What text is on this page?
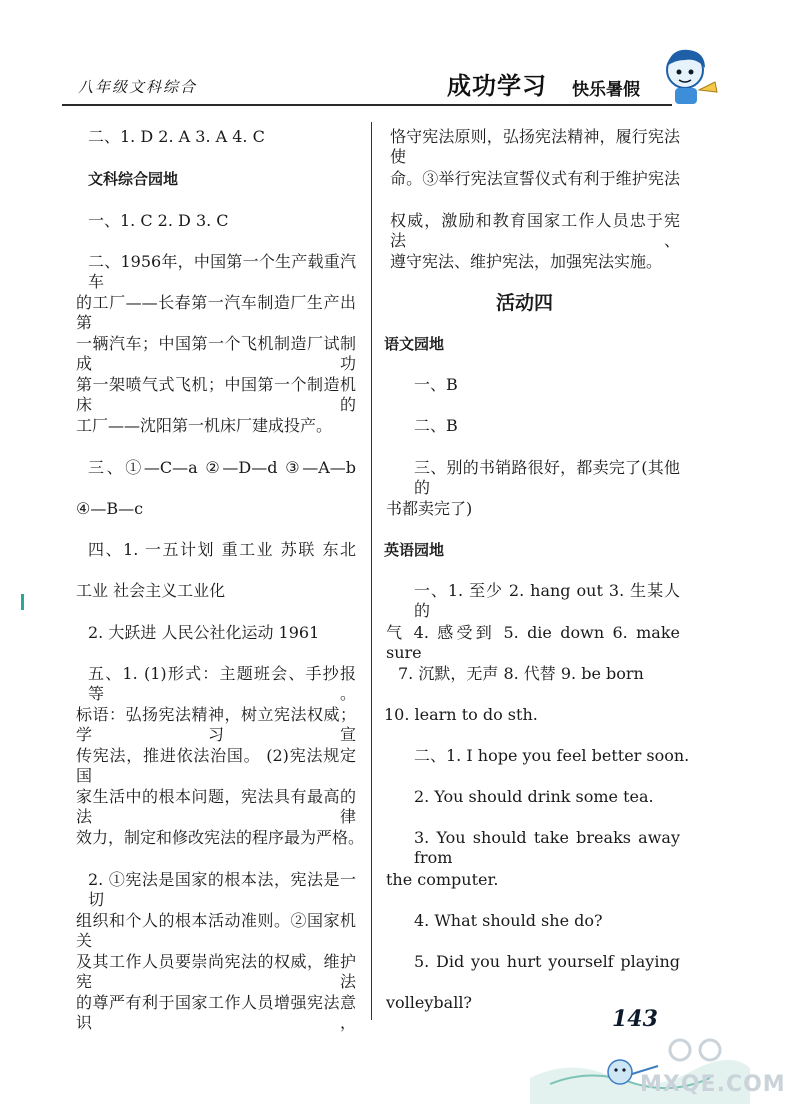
八年级文科综合	成功学习 快乐暑假
二、1. D 2. A 3. A 4. C
文科综合园地
一、1. C 2. D 3. C
二、1956年，中国第一个生产载重汽车
的工厂——长春第一汽车制造厂生产出第
一辆汽车；中国第一个飞机制造厂试制成功
第一架喷气式飞机；中国第一个制造机床的
工厂——沈阳第一机床厂建成投产。
三、①—C—a ②—D—d ③—A—b
④—B—c
四、1. 一五计划 重工业 苏联 东北
工业 社会主义工业化
2. 大跃进 人民公社化运动 1961
五、1. (1)形式：主题班会、手抄报等。
标语：弘扬宪法精神，树立宪法权威；学习宣
传宪法，推进依法治国。 (2)宪法规定国
家生活中的根本问题，宪法具有最高的法律
效力，制定和修改宪法的程序最为严格。
2. ①宪法是国家的根本法，宪法是一切
组织和个人的根本活动准则。②国家机关
及其工作人员要崇尚宪法的权威，维护宪法
的尊严有利于国家工作人员增强宪法意识，
恪守宪法原则，弘扬宪法精神，履行宪法使
命。③举行宪法宣誓仪式有利于维护宪法
权威，激励和教育国家工作人员忠于宪法、
遵守宪法、维护宪法，加强宪法实施。
活动四
语文园地
一、B
二、B
三、别的书销路很好，都卖完了(其他的
书都卖完了)
英语园地
一、1. 至少 2. hang out 3. 生某人的
气 4. 感受到 5. die down 6. make sure
7. 沉默，无声 8. 代替 9. be born
10. learn to do sth.
二、1. I hope you feel better soon.
2. You should drink some tea.
3. You should take breaks away from
the computer.
4. What should she do?
5. Did you hurt yourself playing
volleyball?
143
MXQE.COM
